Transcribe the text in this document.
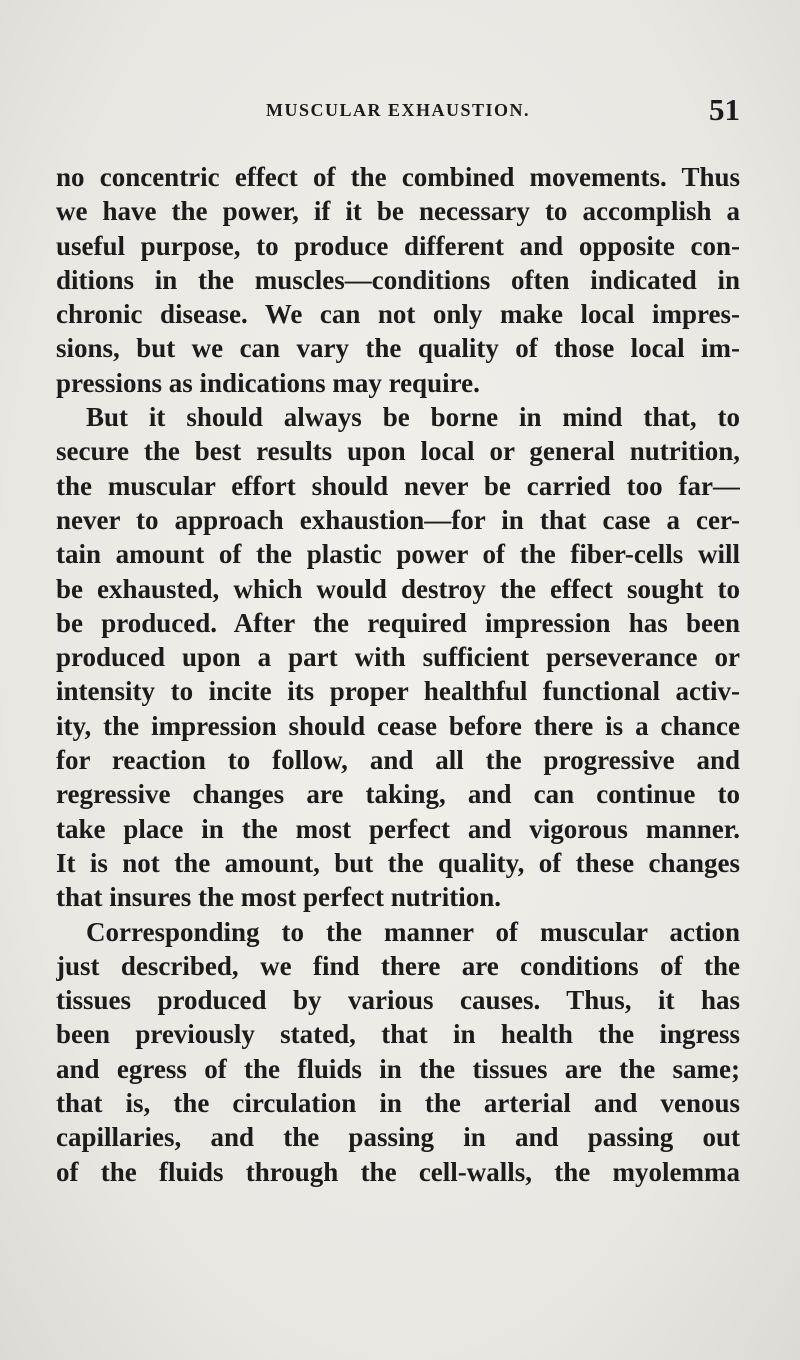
MUSCULAR EXHAUSTION.	51
no concentric effect of the combined movements. Thus
we have the power, if it be necessary to accomplish a
useful purpose, to produce different and opposite con-
ditions in the muscles—conditions often indicated in
chronic disease. We can not only make local impres-
sions, but we can vary the quality of those local im-
pressions as indications may require.
But it should always be borne in mind that, to
secure the best results upon local or general nutrition,
the muscular effort should never be carried too far—
never to approach exhaustion—for in that case a cer-
tain amount of the plastic power of the fiber-cells will
be exhausted, which would destroy the effect sought to
be produced. After the required impression has been
produced upon a part with sufficient perseverance or
intensity to incite its proper healthful functional activ-
ity, the impression should cease before there is a chance
for reaction to follow, and all the progressive and
regressive changes are taking, and can continue to
take place in the most perfect and vigorous manner.
It is not the amount, but the quality, of these changes
that insures the most perfect nutrition.
Corresponding to the manner of muscular action
just described, we find there are conditions of the
tissues produced by various causes. Thus, it has
been previously stated, that in health the ingress
and egress of the fluids in the tissues are the same;
that is, the circulation in the arterial and venous
capillaries, and the passing in and passing out
of the fluids through the cell-walls, the myolemma
